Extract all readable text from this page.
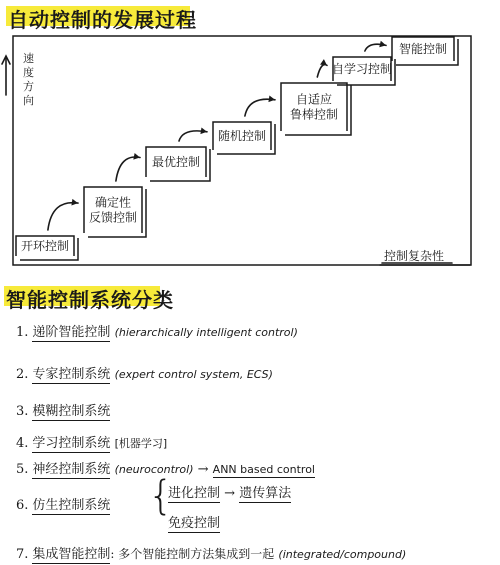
自动控制的发展过程
速
度
方
向
控制复杂性
开环控制
确定性
反馈控制
最优控制
随机控制
自适应
鲁棒控制
自学习控制
智能控制
智能控制系统分类
1. 递阶智能控制 (hierarchically intelligent control)
2. 专家控制系统 (expert control system, ECS)
3. 模糊控制系统
4. 学习控制系统 [机器学习]
5. 神经控制系统 (neurocontrol) → ANN based control
6. 仿生控制系统 {
进化控制 → 遗传算法
免疫控制
7. 集成智能控制: 多个智能控制方法集成到一起 (integrated/compound)
